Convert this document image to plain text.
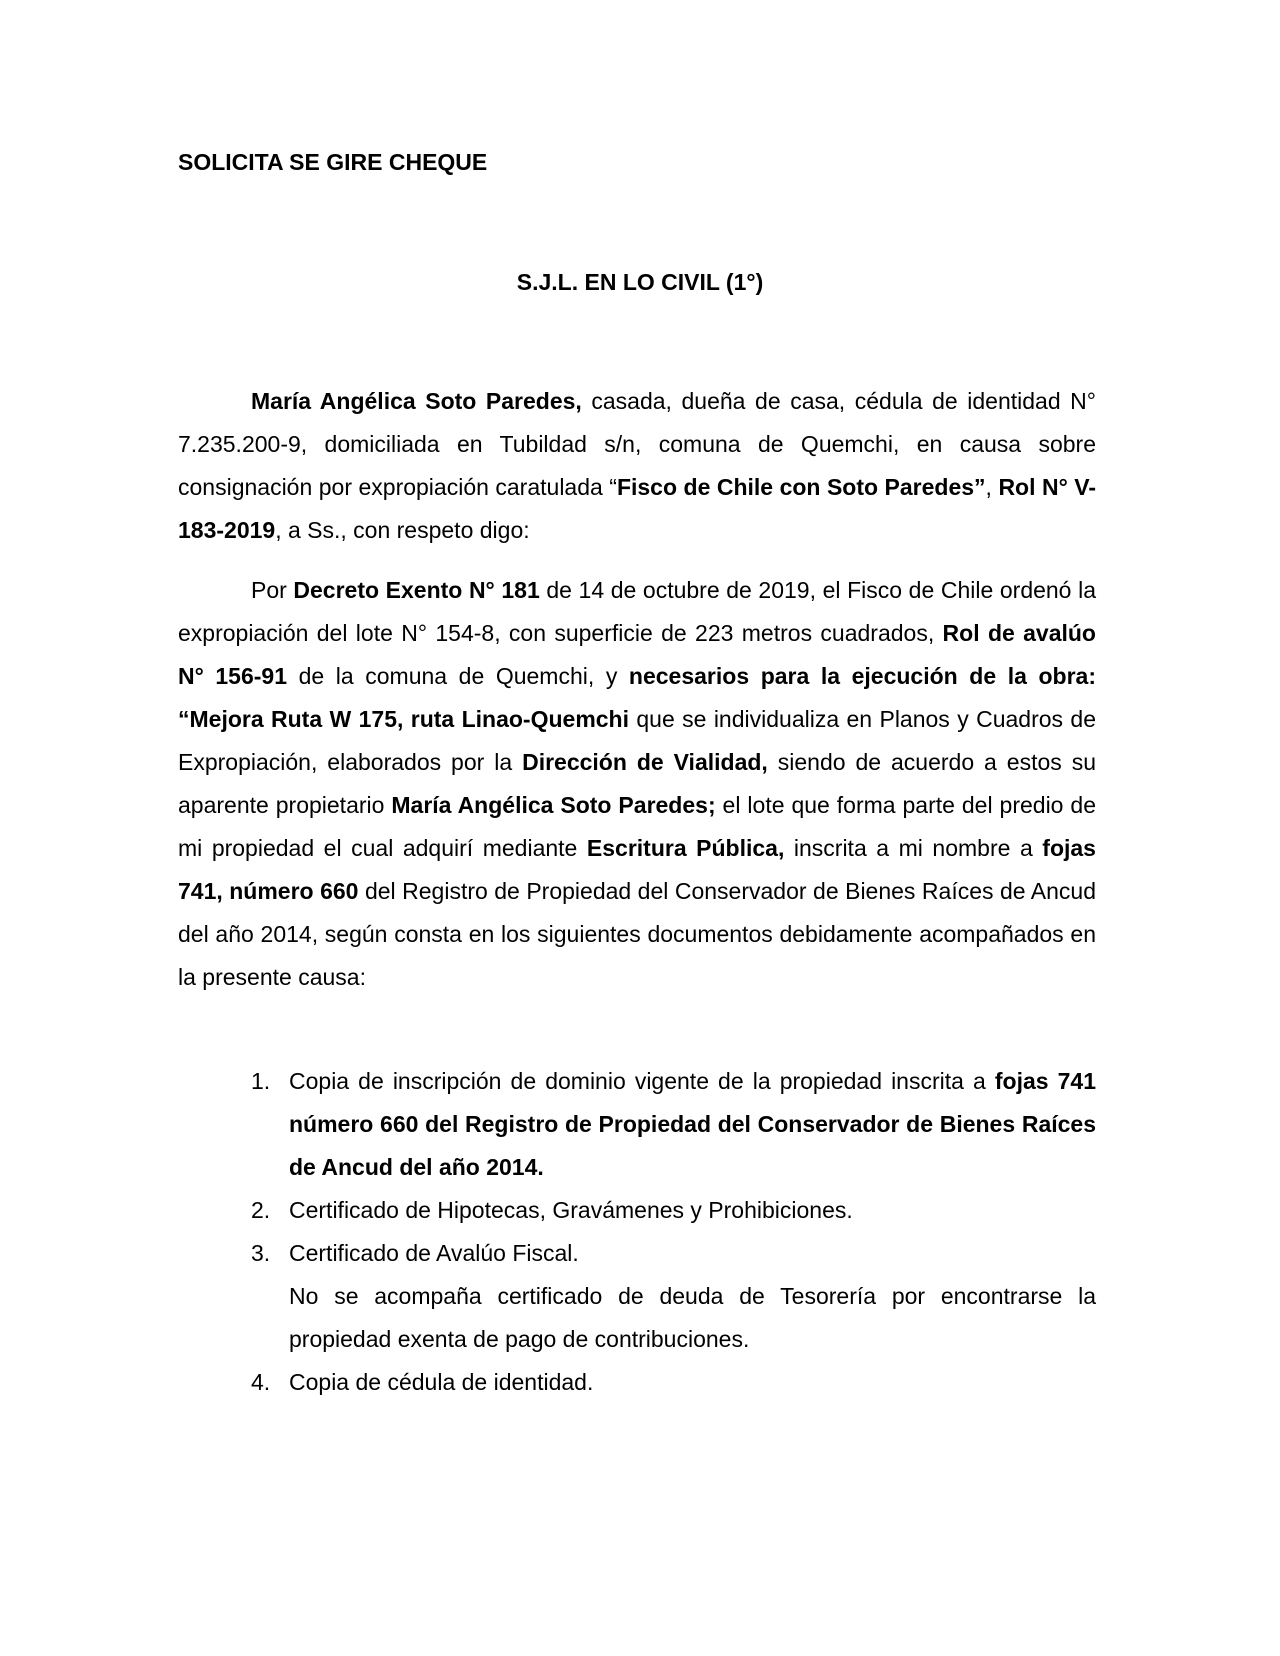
SOLICITA SE GIRE CHEQUE
S.J.L. EN LO CIVIL (1°)

María Angélica Soto Paredes, casada, dueña de casa, cédula de identidad N° 7.235.200-9, domiciliada en Tubildad s/n, comuna de Quemchi, en causa sobre consignación por expropiación caratulada “Fisco de Chile con Soto Paredes”, Rol N° V-183-2019, a Ss., con respeto digo:

Por Decreto Exento N° 181 de 14 de octubre de 2019, el Fisco de Chile ordenó la expropiación del lote N° 154-8, con superficie de 223 metros cuadrados, Rol de avalúo N° 156-91 de la comuna de Quemchi, y necesarios para la ejecución de la obra: “Mejora Ruta W 175, ruta Linao-Quemchi que se individualiza en Planos y Cuadros de Expropiación, elaborados por la Dirección de Vialidad, siendo de acuerdo a estos su aparente propietario María Angélica Soto Paredes; el lote que forma parte del predio de mi propiedad el cual adquirí mediante Escritura Pública, inscrita a mi nombre a fojas 741, número 660 del Registro de Propiedad del Conservador de Bienes Raíces de Ancud del año 2014, según consta en los siguientes documentos debidamente acompañados en la presente causa:

1. Copia de inscripción de dominio vigente de la propiedad inscrita a fojas 741 número 660 del Registro de Propiedad del Conservador de Bienes Raíces de Ancud del año 2014.
2. Certificado de Hipotecas, Gravámenes y Prohibiciones.
3. Certificado de Avalúo Fiscal.
No se acompaña certificado de deuda de Tesorería por encontrarse la propiedad exenta de pago de contribuciones.
4. Copia de cédula de identidad.
